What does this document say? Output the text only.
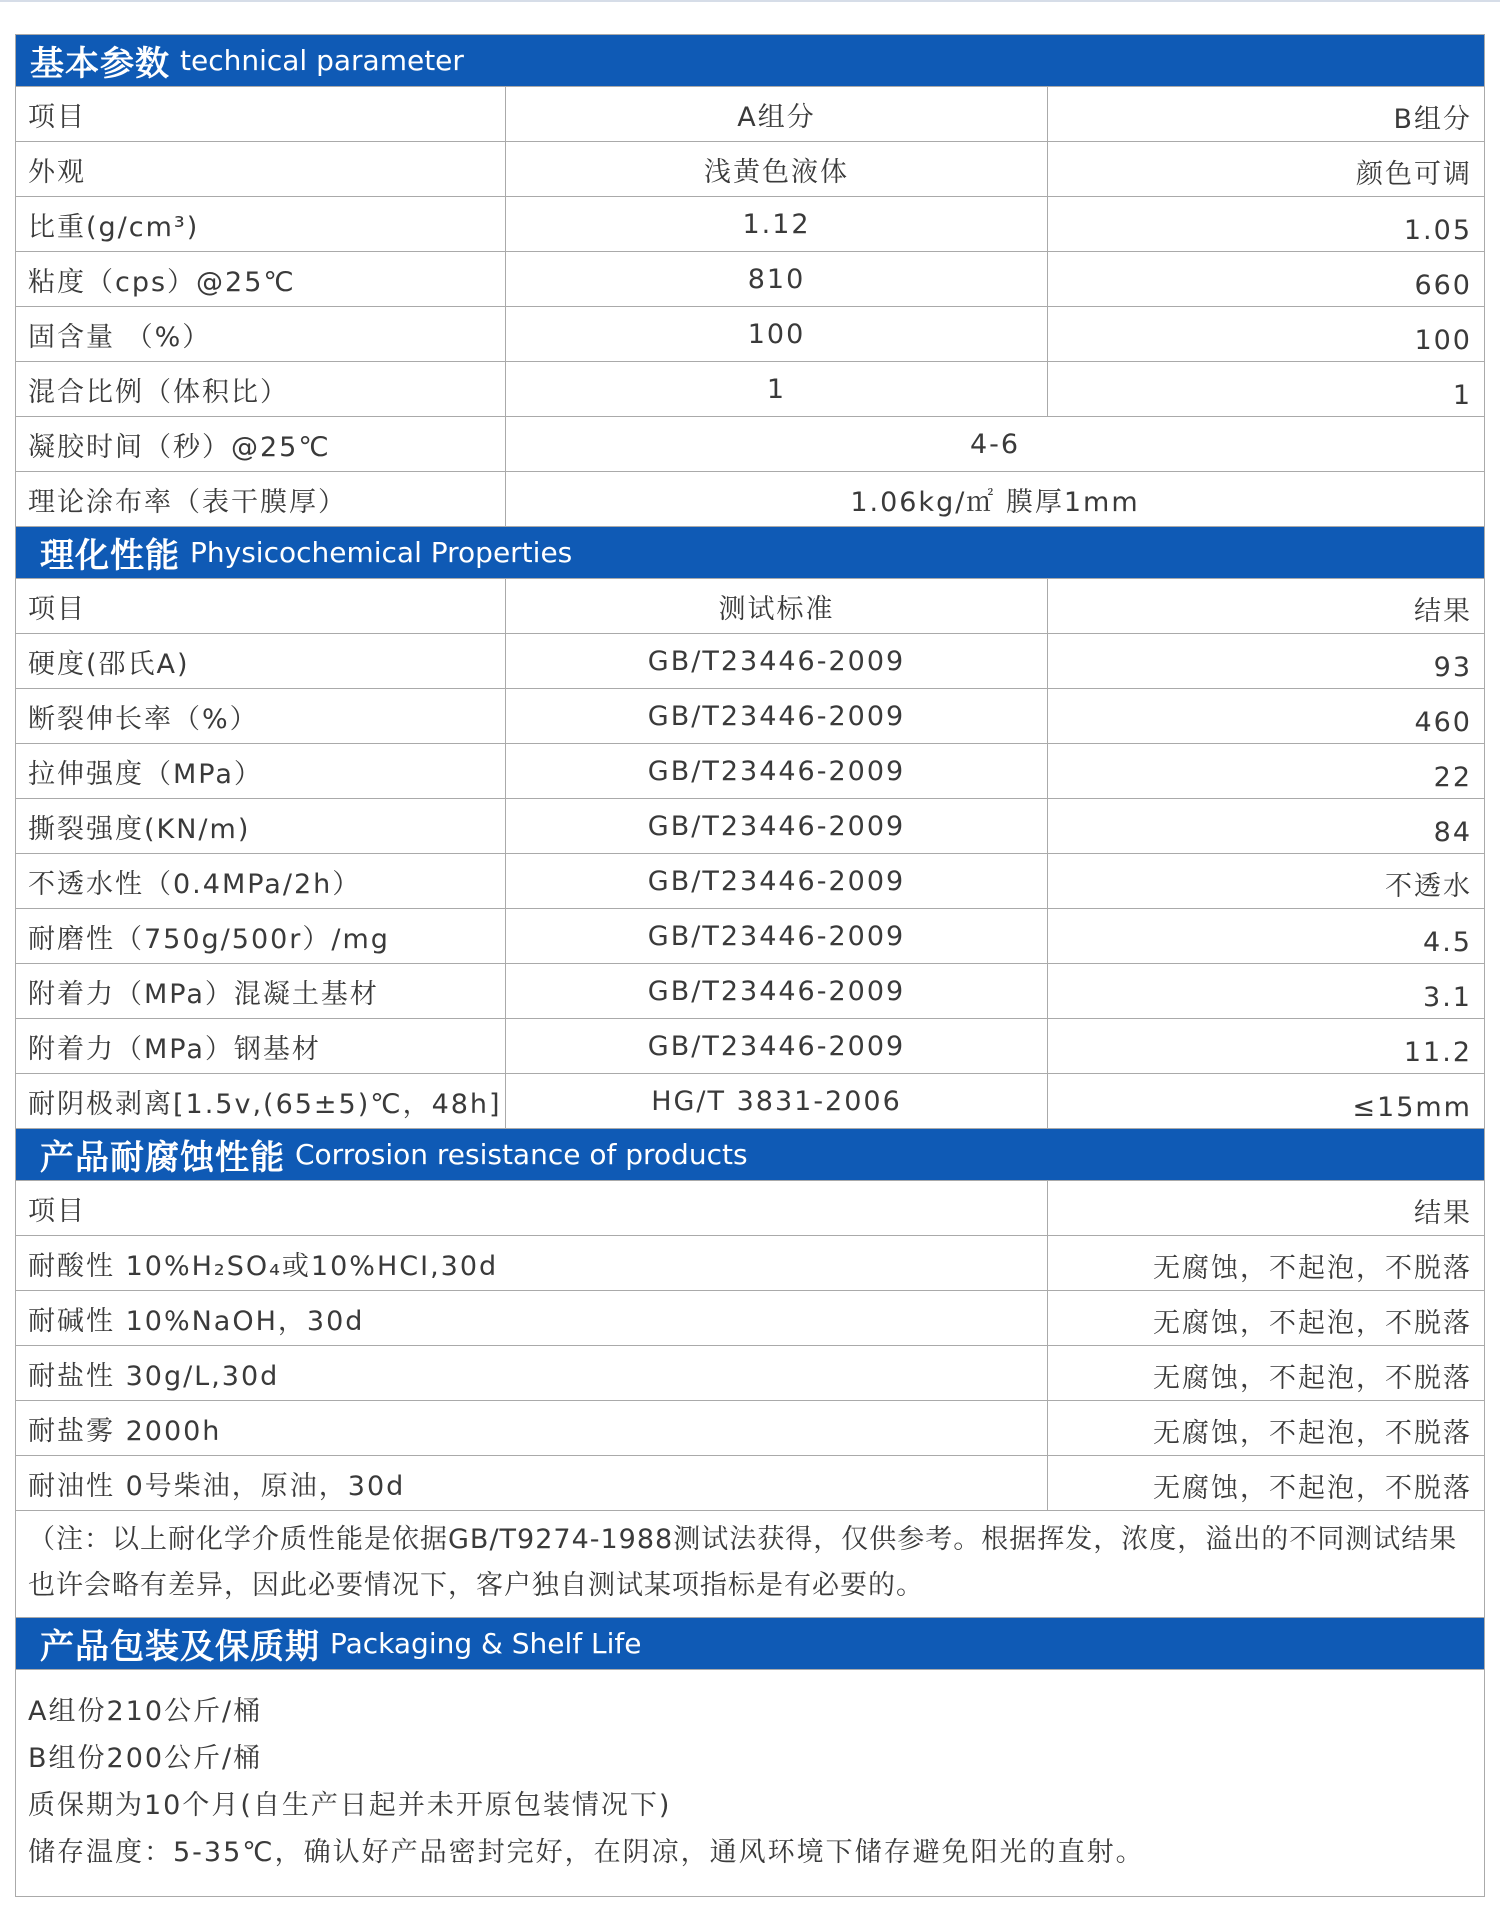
基本参数 technical parameter
项目	A组分	B组分
外观	浅黄色液体	颜色可调
比重(g/cm³)	1.12	1.05
粘度（cps）@25℃	810	660
固含量 （%）	100	100
混合比例（体积比）	1	1
凝胶时间（秒）@25℃	4-6
理论涂布率（表干膜厚）	1.06kg/㎡ 膜厚1mm
理化性能 Physicochemical Properties
项目	测试标准	结果
硬度(邵氏A)	GB/T23446-2009	93
断裂伸长率（%）	GB/T23446-2009	460
拉伸强度（MPa）	GB/T23446-2009	22
撕裂强度(KN/m)	GB/T23446-2009	84
不透水性（0.4MPa/2h）	GB/T23446-2009	不透水
耐磨性（750g/500r）/mg	GB/T23446-2009	4.5
附着力（MPa）混凝土基材	GB/T23446-2009	3.1
附着力（MPa）钢基材	GB/T23446-2009	11.2
耐阴极剥离[1.5v,(65±5)℃，48h]	HG/T 3831-2006	≤15mm
产品耐腐蚀性能 Corrosion resistance of products
项目	结果
耐酸性 10%H₂SO₄或10%HCI,30d	无腐蚀，不起泡，不脱落
耐碱性 10%NaOH，30d	无腐蚀，不起泡，不脱落
耐盐性 30g/L,30d	无腐蚀，不起泡，不脱落
耐盐雾 2000h	无腐蚀，不起泡，不脱落
耐油性 0号柴油，原油，30d	无腐蚀，不起泡，不脱落
（注：以上耐化学介质性能是依据GB/T9274-1988测试法获得，仅供参考。根据挥发，浓度，溢出的不同测试结果也许会略有差异，因此必要情况下，客户独自测试某项指标是有必要的。
产品包装及保质期 Packaging & Shelf Life
A组份210公斤/桶
B组份200公斤/桶
质保期为10个月(自生产日起并未开原包装情况下)
储存温度：5-35℃，确认好产品密封完好，在阴凉，通风环境下储存避免阳光的直射。
